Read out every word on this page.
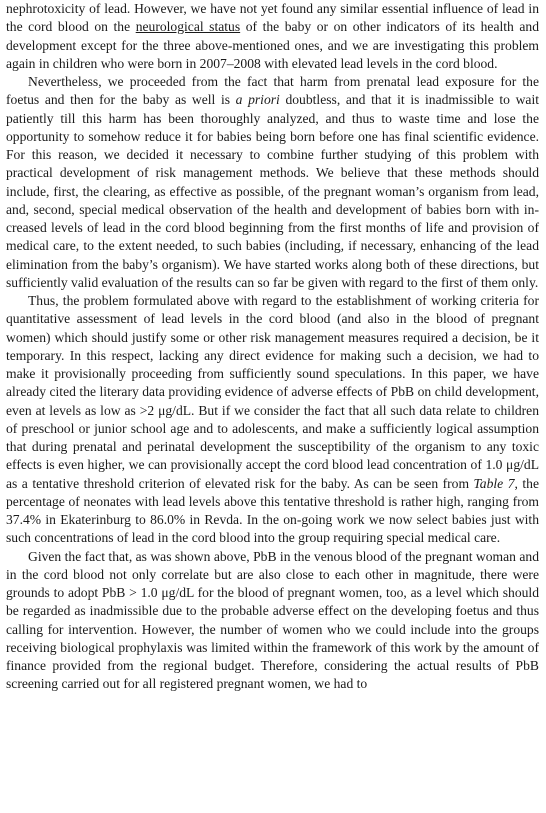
nephrotoxicity of lead. However, we have not yet found any similar essential influence of lead in the cord blood on the neurological status of the baby or on other indicators of its health and development except for the three above-mentioned ones, and we are investigating this problem again in children who were born in 2007–2008 with elevated lead levels in the cord blood.

Nevertheless, we proceeded from the fact that harm from prenatal lead exposure for the foetus and then for the baby as well is a priori doubtless, and that it is inadmissible to wait patiently till this harm has been thoroughly analyzed, and thus to waste time and lose the opportunity to somehow reduce it for babies being born before one has final scientific evidence. For this reason, we decided it necessary to combine further studying of this problem with practical development of risk management methods. We believe that these methods should include, first, the clearing, as effective as possible, of the pregnant woman’s organism from lead, and, second, special medical observation of the health and development of babies born with increased levels of lead in the cord blood beginning from the first months of life and provision of medical care, to the extent needed, to such babies (including, if necessary, enhancing of the lead elimination from the baby’s organism). We have started works along both of these directions, but sufficiently valid evaluation of the results can so far be given with regard to the first of them only.

Thus, the problem formulated above with regard to the establishment of working criteria for quantitative assessment of lead levels in the cord blood (and also in the blood of pregnant women) which should justify some or other risk management measures required a decision, be it temporary. In this respect, lacking any direct evidence for making such a decision, we had to make it provisionally proceeding from sufficiently sound speculations. In this paper, we have already cited the literary data providing evidence of adverse effects of PbB on child development, even at levels as low as >2 μg/dL. But if we consider the fact that all such data relate to children of preschool or junior school age and to adolescents, and make a sufficiently logical assumption that during prenatal and perinatal development the susceptibility of the organism to any toxic effects is even higher, we can provisionally accept the cord blood lead concentration of 1.0 μg/dL as a tentative threshold criterion of elevated risk for the baby. As can be seen from Table 7, the percentage of neonates with lead levels above this tentative threshold is rather high, ranging from 37.4% in Ekaterinburg to 86.0% in Revda. In the on-going work we now select babies just with such concentrations of lead in the cord blood into the group requiring special medical care.

Given the fact that, as was shown above, PbB in the venous blood of the pregnant woman and in the cord blood not only correlate but are also close to each other in magnitude, there were grounds to adopt PbB > 1.0 μg/dL for the blood of pregnant women, too, as a level which should be regarded as inadmissible due to the probable adverse effect on the developing foetus and thus calling for intervention. However, the number of women who we could include into the groups receiving biological prophylaxis was limited within the framework of this work by the amount of finance provided from the regional budget. Therefore, considering the actual results of PbB screening carried out for all registered pregnant women, we had to
